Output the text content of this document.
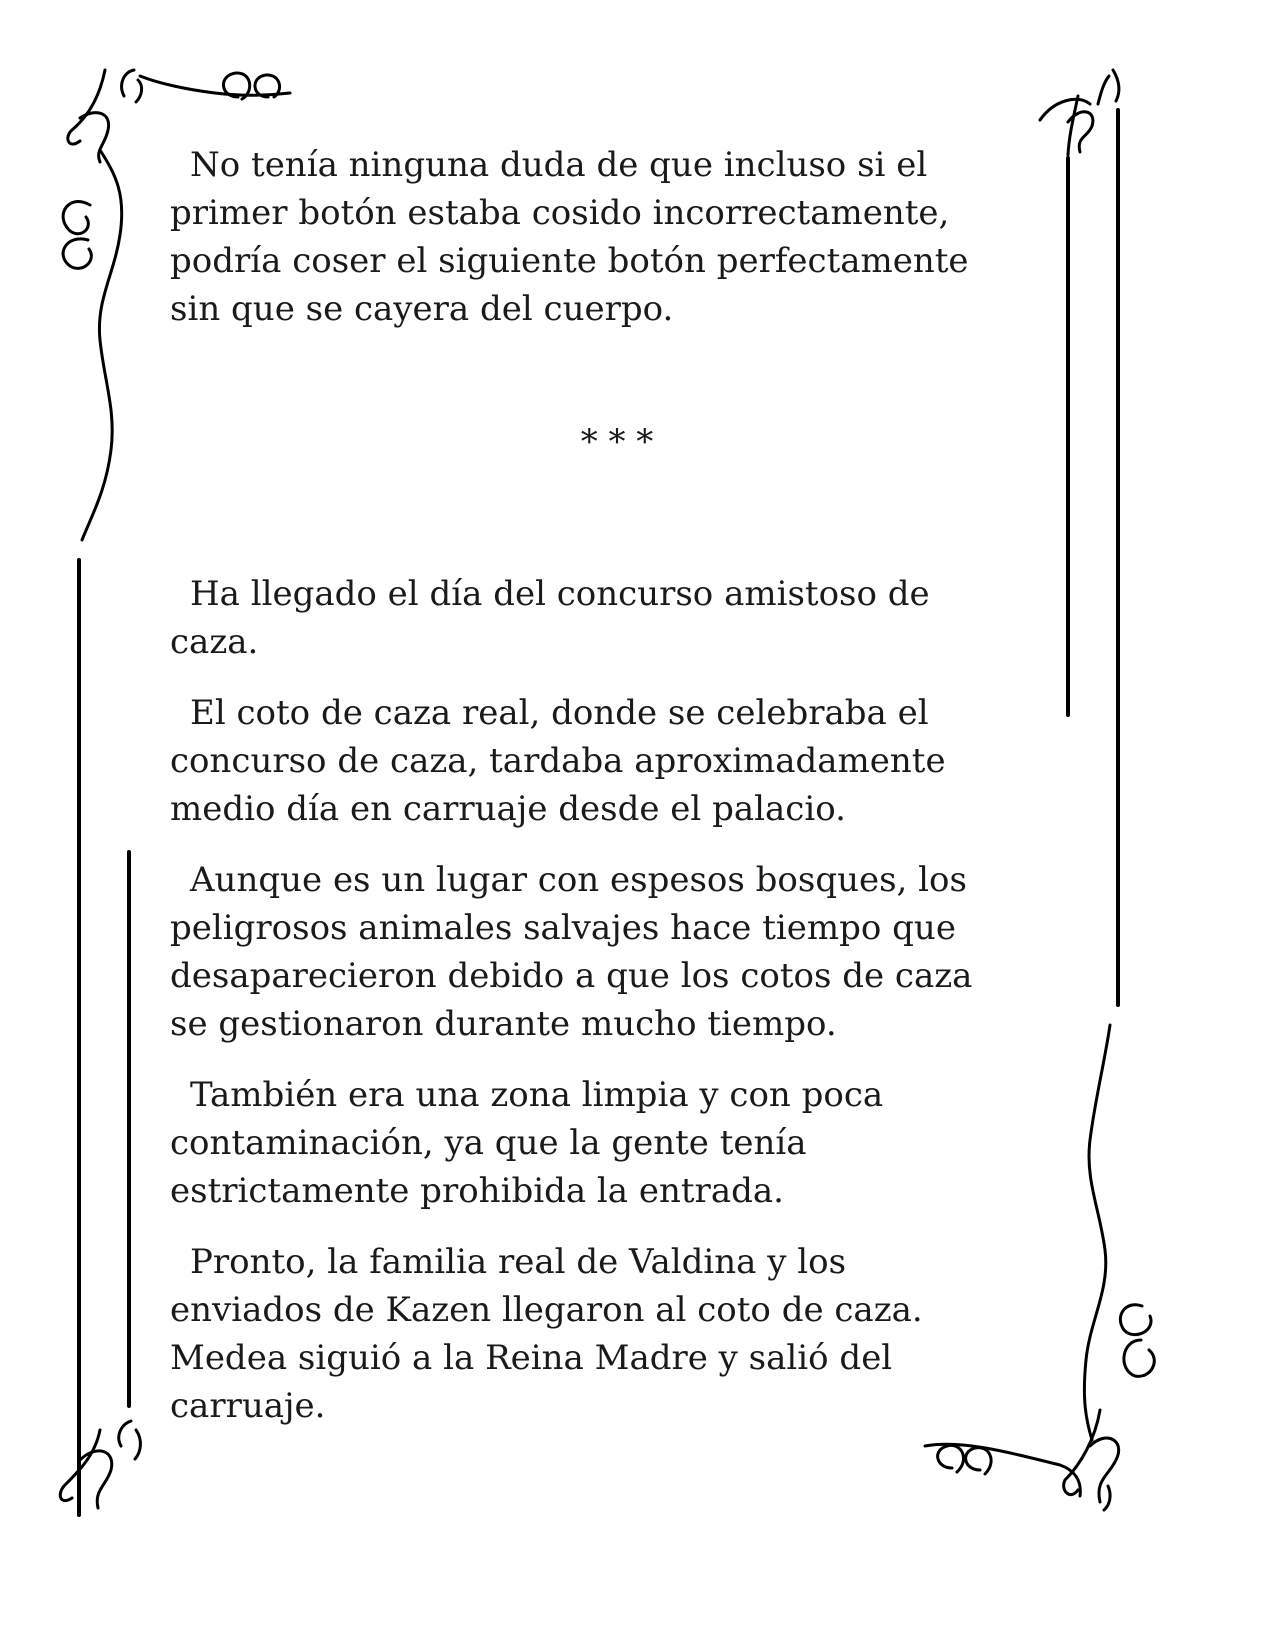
No tenía ninguna duda de que incluso si el
primer botón estaba cosido incorrectamente,
podría coser el siguiente botón perfectamente
sin que se cayera del cuerpo.

* * *

Ha llegado el día del concurso amistoso de
caza.

El coto de caza real, donde se celebraba el
concurso de caza, tardaba aproximadamente
medio día en carruaje desde el palacio.

Aunque es un lugar con espesos bosques, los
peligrosos animales salvajes hace tiempo que
desaparecieron debido a que los cotos de caza
se gestionaron durante mucho tiempo.

También era una zona limpia y con poca
contaminación, ya que la gente tenía
estrictamente prohibida la entrada.

Pronto, la familia real de Valdina y los
enviados de Kazen llegaron al coto de caza.
Medea siguió a la Reina Madre y salió del
carruaje.
